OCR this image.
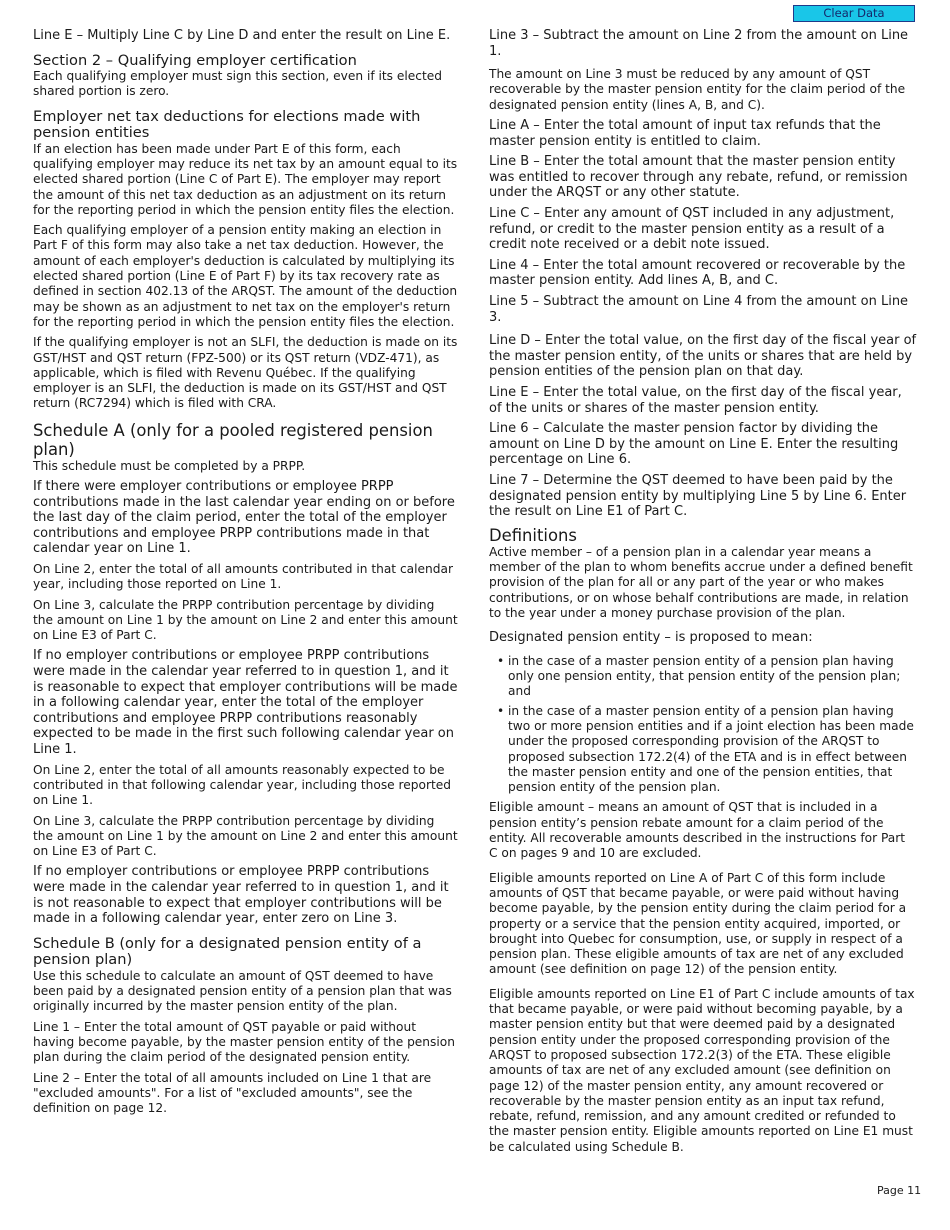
Clear Data

Line E – Multiply Line C by Line D and enter the result on Line E.

Section 2 – Qualifying employer certification

Each qualifying employer must sign this section, even if its elected shared portion is zero.

Employer net tax deductions for elections made with pension entities

If an election has been made under Part E of this form, each qualifying employer may reduce its net tax by an amount equal to its elected shared portion (Line C of Part E). The employer may report the amount of this net tax deduction as an adjustment on its return for the reporting period in which the pension entity files the election.

Each qualifying employer of a pension entity making an election in Part F of this form may also take a net tax deduction. However, the amount of each employer's deduction is calculated by multiplying its elected shared portion (Line E of Part F) by its tax recovery rate as defined in section 402.13 of the ARQST. The amount of the deduction may be shown as an adjustment to net tax on the employer's return for the reporting period in which the pension entity files the election.

If the qualifying employer is not an SLFI, the deduction is made on its GST/HST and QST return (FPZ-500) or its QST return (VDZ-471), as applicable, which is filed with Revenu Québec. If the qualifying employer is an SLFI, the deduction is made on its GST/HST and QST return (RC7294) which is filed with CRA.

Schedule A (only for a pooled registered pension plan)

This schedule must be completed by a PRPP.

If there were employer contributions or employee PRPP contributions made in the last calendar year ending on or before the last day of the claim period, enter the total of the employer contributions and employee PRPP contributions made in that calendar year on Line 1.

On Line 2, enter the total of all amounts contributed in that calendar year, including those reported on Line 1.

On Line 3, calculate the PRPP contribution percentage by dividing the amount on Line 1 by the amount on Line 2 and enter this amount on Line E3 of Part C.

If no employer contributions or employee PRPP contributions were made in the calendar year referred to in question 1, and it is reasonable to expect that employer contributions will be made in a following calendar year, enter the total of the employer contributions and employee PRPP contributions reasonably expected to be made in the first such following calendar year on Line 1.

On Line 2, enter the total of all amounts reasonably expected to be contributed in that following calendar year, including those reported on Line 1.

On Line 3, calculate the PRPP contribution percentage by dividing the amount on Line 1 by the amount on Line 2 and enter this amount on Line E3 of Part C.

If no employer contributions or employee PRPP contributions were made in the calendar year referred to in question 1, and it is not reasonable to expect that employer contributions will be made in a following calendar year, enter zero on Line 3.

Schedule B (only for a designated pension entity of a pension plan)

Use this schedule to calculate an amount of QST deemed to have been paid by a designated pension entity of a pension plan that was originally incurred by the master pension entity of the plan.

Line 1 – Enter the total amount of QST payable or paid without having become payable, by the master pension entity of the pension plan during the claim period of the designated pension entity.

Line 2 – Enter the total of all amounts included on Line 1 that are "excluded amounts". For a list of "excluded amounts", see the definition on page 12.

Line 3 – Subtract the amount on Line 2 from the amount on Line 1.

The amount on Line 3 must be reduced by any amount of QST recoverable by the master pension entity for the claim period of the designated pension entity (lines A, B, and C).

Line A – Enter the total amount of input tax refunds that the master pension entity is entitled to claim.

Line B – Enter the total amount that the master pension entity was entitled to recover through any rebate, refund, or remission under the ARQST or any other statute.

Line C – Enter any amount of QST included in any adjustment, refund, or credit to the master pension entity as a result of a credit note received or a debit note issued.

Line 4 – Enter the total amount recovered or recoverable by the master pension entity. Add lines A, B, and C.

Line 5 – Subtract the amount on Line 4 from the amount on Line 3.

Line D – Enter the total value, on the first day of the fiscal year of the master pension entity, of the units or shares that are held by pension entities of the pension plan on that day.

Line E – Enter the total value, on the first day of the fiscal year, of the units or shares of the master pension entity.

Line 6 – Calculate the master pension factor by dividing the amount on Line D by the amount on Line E. Enter the resulting percentage on Line 6.

Line 7 – Determine the QST deemed to have been paid by the designated pension entity by multiplying Line 5 by Line 6. Enter the result on Line E1 of Part C.

Definitions

Active member – of a pension plan in a calendar year means a member of the plan to whom benefits accrue under a defined benefit provision of the plan for all or any part of the year or who makes contributions, or on whose behalf contributions are made, in relation to the year under a money purchase provision of the plan.

Designated pension entity – is proposed to mean:

• in the case of a master pension entity of a pension plan having only one pension entity, that pension entity of the pension plan; and
• in the case of a master pension entity of a pension plan having two or more pension entities and if a joint election has been made under the proposed corresponding provision of the ARQST to proposed subsection 172.2(4) of the ETA and is in effect between the master pension entity and one of the pension entities, that pension entity of the pension plan.

Eligible amount – means an amount of QST that is included in a pension entity’s pension rebate amount for a claim period of the entity. All recoverable amounts described in the instructions for Part C on pages 9 and 10 are excluded.

Eligible amounts reported on Line A of Part C of this form include amounts of QST that became payable, or were paid without having become payable, by the pension entity during the claim period for a property or a service that the pension entity acquired, imported, or brought into Quebec for consumption, use, or supply in respect of a pension plan. These eligible amounts of tax are net of any excluded amount (see definition on page 12) of the pension entity.

Eligible amounts reported on Line E1 of Part C include amounts of tax that became payable, or were paid without becoming payable, by a master pension entity but that were deemed paid by a designated pension entity under the proposed corresponding provision of the ARQST to proposed subsection 172.2(3) of the ETA. These eligible amounts of tax are net of any excluded amount (see definition on page 12) of the master pension entity, any amount recovered or recoverable by the master pension entity as an input tax refund, rebate, refund, remission, and any amount credited or refunded to the master pension entity. Eligible amounts reported on Line E1 must be calculated using Schedule B.

Page 11
